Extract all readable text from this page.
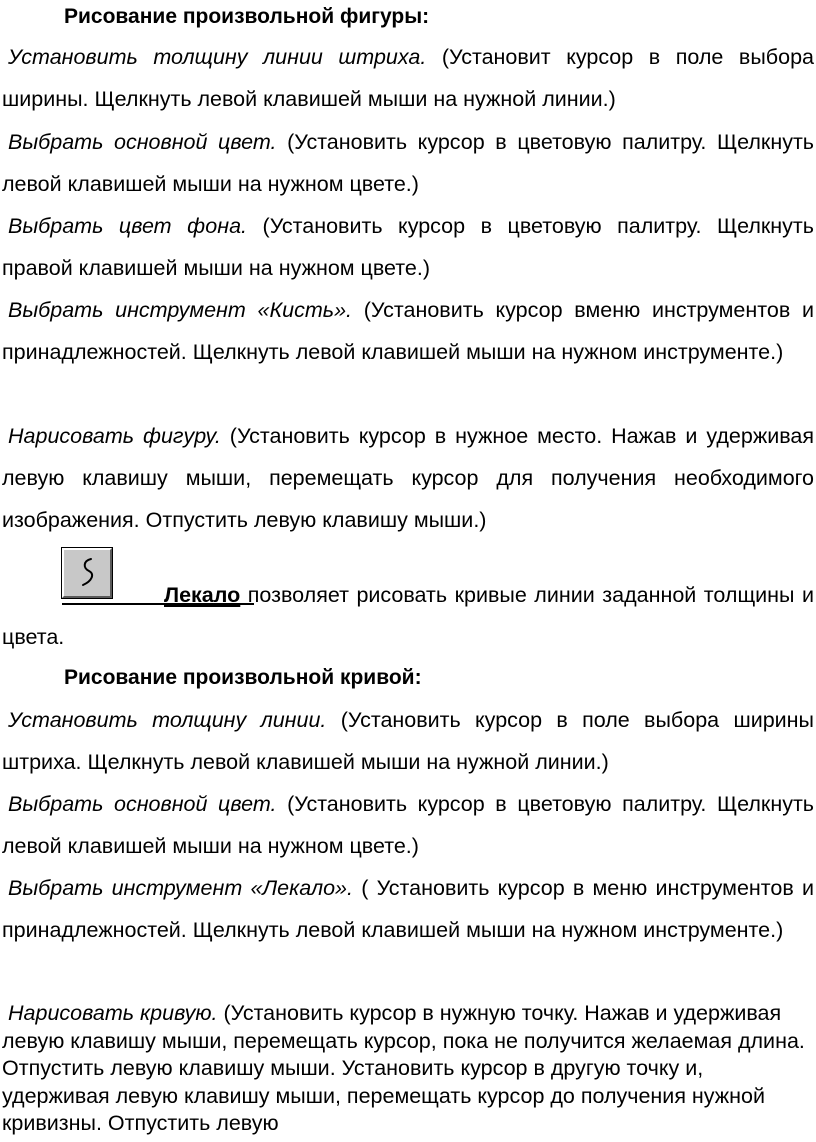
Рисование произвольной фигуры:

Установить толщину линии штриха. (Установит курсор в поле выбора ширины. Щелкнуть левой клавишей мыши на нужной линии.)

Выбрать основной цвет. (Установить курсор в цветовую палитру. Щелкнуть левой клавишей мыши на нужном цвете.)

Выбрать цвет фона. (Установить курсор в цветовую палитру. Щелкнуть правой клавишей мыши на нужном цвете.)

Выбрать инструмент «Кисть». (Установить курсор вменю инструментов и принадлежностей. Щелкнуть левой клавишей мыши на нужном инструменте.)

Нарисовать фигуру. (Установить курсор в нужное место. Нажав и удерживая левую клавишу мыши, перемещать курсор для получения необходимого изображения. Отпустить левую клавишу мыши.)

Лекало позволяет рисовать кривые линии заданной толщины и цвета.

Рисование произвольной кривой:

Установить толщину линии. (Установить курсор в поле выбора ширины штриха. Щелкнуть левой клавишей мыши на нужной линии.)

Выбрать основной цвет. (Установить курсор в цветовую палитру. Щелкнуть левой клавишей мыши на нужном цвете.)

Выбрать инструмент «Лекало». ( Установить курсор в меню инструментов и принадлежностей. Щелкнуть левой клавишей мыши на нужном инструменте.)

Нарисовать кривую. (Установить курсор в нужную точку. Нажав и удерживая левую клавишу мыши, перемещать курсор, пока не получится желаемая длина. Отпустить левую клавишу мыши. Установить курсор в другую точку и, удерживая левую клавишу мыши, перемещать курсор до получения нужной кривизны. Отпустить левую
